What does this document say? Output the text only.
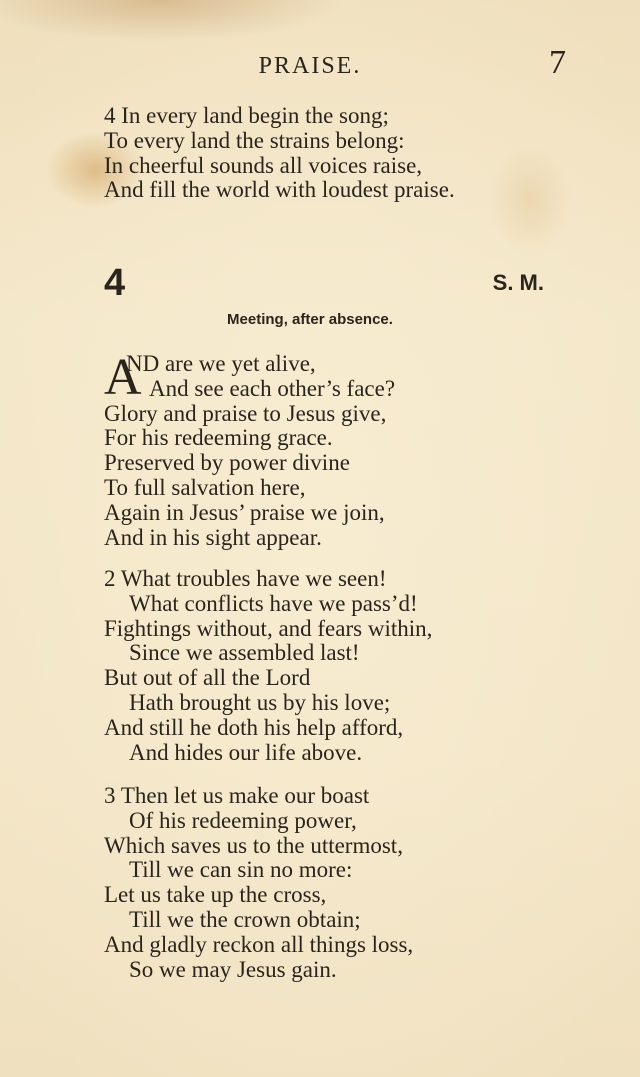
PRAISE.	7
4 In every land begin the song;
To every land the strains belong:
In cheerful sounds all voices raise,
And fill the world with loudest praise.
4	S. M.
Meeting, after absence.
A
ND are we yet alive,
And see each other’s face?
Glory and praise to Jesus give,
For his redeeming grace.
Preserved by power divine
To full salvation here,
Again in Jesus’ praise we join,
And in his sight appear.
2 What troubles have we seen!
What conflicts have we pass’d!
Fightings without, and fears within,
Since we assembled last!
But out of all the Lord
Hath brought us by his love;
And still he doth his help afford,
And hides our life above.
3 Then let us make our boast
Of his redeeming power,
Which saves us to the uttermost,
Till we can sin no more:
Let us take up the cross,
Till we the crown obtain;
And gladly reckon all things loss,
So we may Jesus gain.
